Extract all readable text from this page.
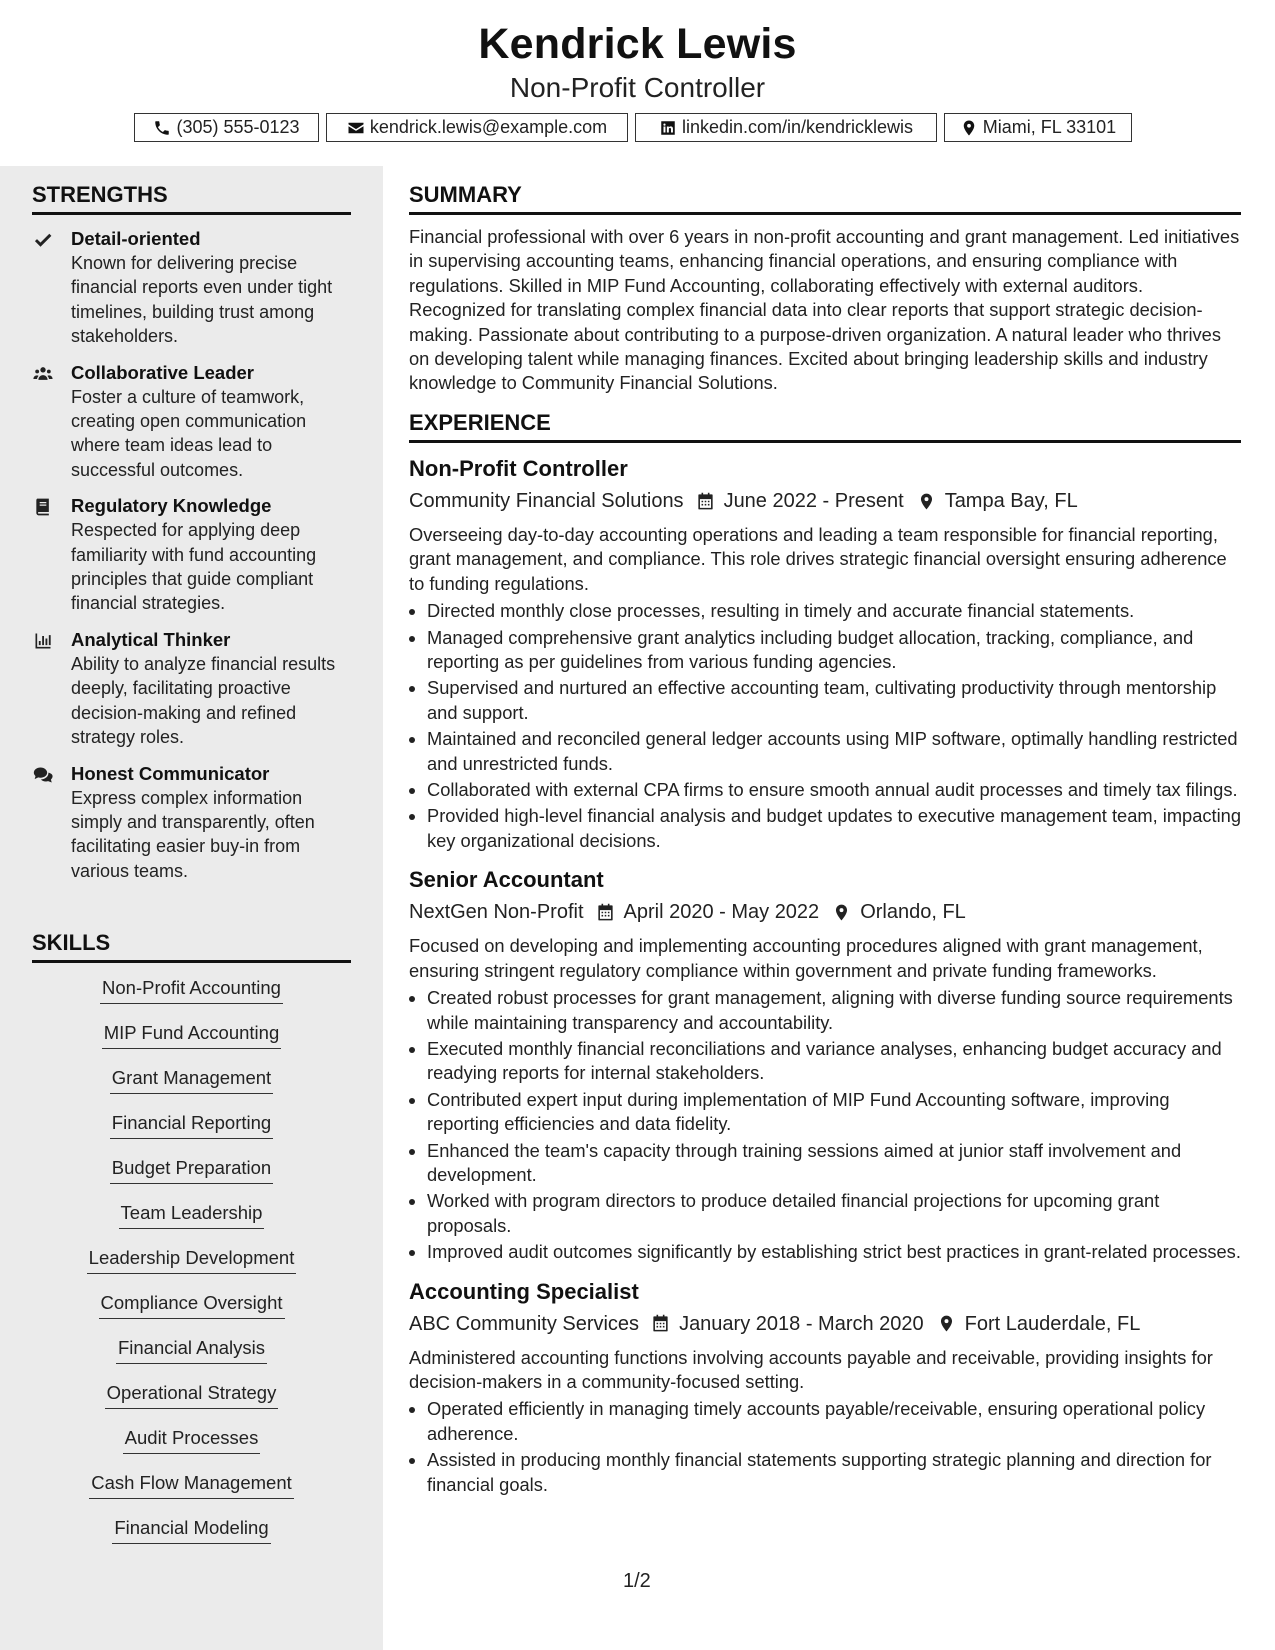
Kendrick Lewis
Non-Profit Controller
(305) 555-0123	kendrick.lewis@example.com	linkedin.com/in/kendricklewis	Miami, FL 33101
STRENGTHS
Detail-oriented
Known for delivering precise financial reports even under tight timelines, building trust among stakeholders.
Collaborative Leader
Foster a culture of teamwork, creating open communication where team ideas lead to successful outcomes.
Regulatory Knowledge
Respected for applying deep familiarity with fund accounting principles that guide compliant financial strategies.
Analytical Thinker
Ability to analyze financial results deeply, facilitating proactive decision-making and refined strategy roles.
Honest Communicator
Express complex information simply and transparently, often facilitating easier buy-in from various teams.
SKILLS
Non-Profit Accounting
MIP Fund Accounting
Grant Management
Financial Reporting
Budget Preparation
Team Leadership
Leadership Development
Compliance Oversight
Financial Analysis
Operational Strategy
Audit Processes
Cash Flow Management
Financial Modeling
SUMMARY

Financial professional with over 6 years in non-profit accounting and grant management. Led initiatives in supervising accounting teams, enhancing financial operations, and ensuring compliance with regulations. Skilled in MIP Fund Accounting, collaborating effectively with external auditors. Recognized for translating complex financial data into clear reports that support strategic decision-making. Passionate about contributing to a purpose-driven organization. A natural leader who thrives on developing talent while managing finances. Excited about bringing leadership skills and industry knowledge to Community Financial Solutions.

EXPERIENCE
Non-Profit Controller
Community Financial Solutions June 2022 - Present Tampa Bay, FL
Overseeing day-to-day accounting operations and leading a team responsible for financial reporting, grant management, and compliance. This role drives strategic financial oversight ensuring adherence to funding regulations.
Directed monthly close processes, resulting in timely and accurate financial statements.
Managed comprehensive grant analytics including budget allocation, tracking, compliance, and reporting as per guidelines from various funding agencies.
Supervised and nurtured an effective accounting team, cultivating productivity through mentorship and support.
Maintained and reconciled general ledger accounts using MIP software, optimally handling restricted and unrestricted funds.
Collaborated with external CPA firms to ensure smooth annual audit processes and timely tax filings.
Provided high-level financial analysis and budget updates to executive management team, impacting key organizational decisions.
Senior Accountant
NextGen Non-Profit April 2020 - May 2022 Orlando, FL
Focused on developing and implementing accounting procedures aligned with grant management, ensuring stringent regulatory compliance within government and private funding frameworks.
Created robust processes for grant management, aligning with diverse funding source requirements while maintaining transparency and accountability.
Executed monthly financial reconciliations and variance analyses, enhancing budget accuracy and readying reports for internal stakeholders.
Contributed expert input during implementation of MIP Fund Accounting software, improving reporting efficiencies and data fidelity.
Enhanced the team's capacity through training sessions aimed at junior staff involvement and development.
Worked with program directors to produce detailed financial projections for upcoming grant proposals.
Improved audit outcomes significantly by establishing strict best practices in grant-related processes.
Accounting Specialist
ABC Community Services January 2018 - March 2020 Fort Lauderdale, FL
Administered accounting functions involving accounts payable and receivable, providing insights for decision-makers in a community-focused setting.
Operated efficiently in managing timely accounts payable/receivable, ensuring operational policy adherence.
Assisted in producing monthly financial statements supporting strategic planning and direction for financial goals.
1/2
